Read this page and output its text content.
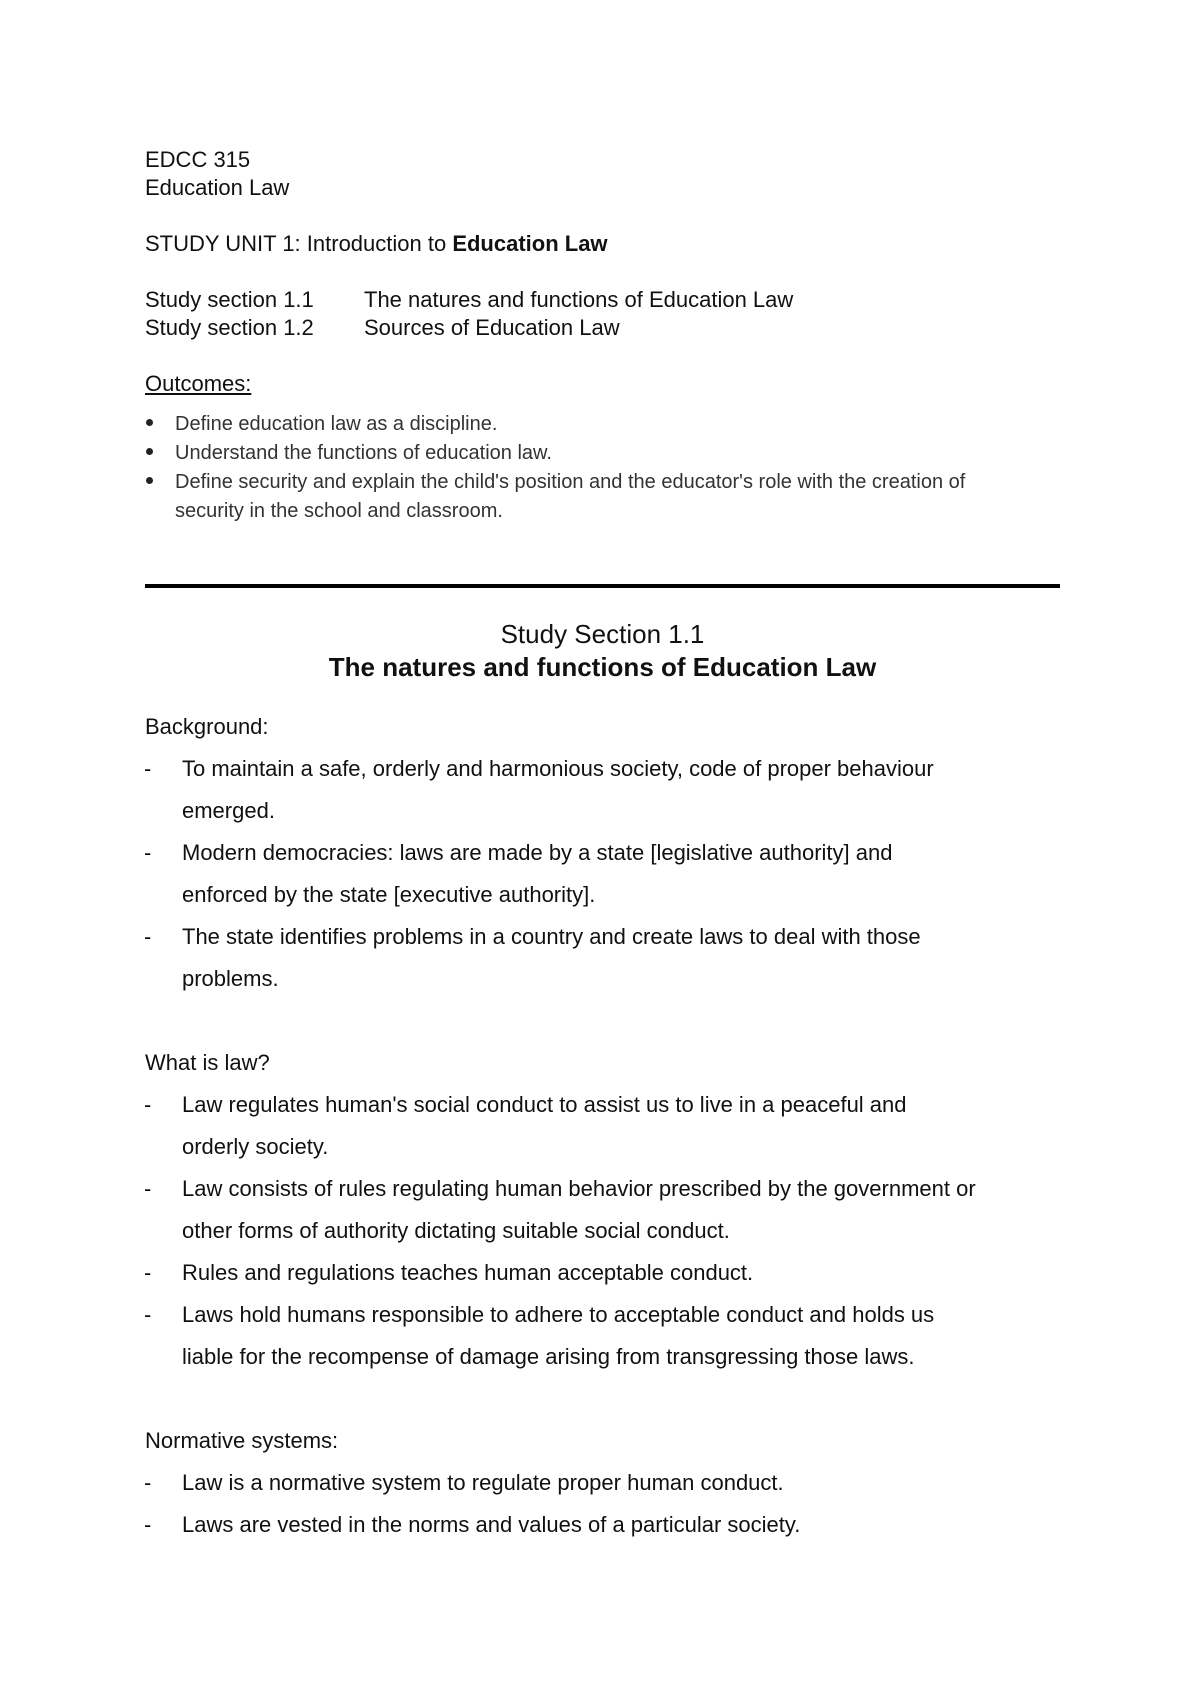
EDCC 315
Education Law
STUDY UNIT 1: Introduction to Education Law
Study section 1.1 The natures and functions of Education Law
Study section 1.2 Sources of Education Law
Outcomes:
Define education law as a discipline.
Understand the functions of education law.
Define security and explain the child's position and the educator's role with the creation of
security in the school and classroom.
Study Section 1.1
The natures and functions of Education Law
Background:
- To maintain a safe, orderly and harmonious society, code of proper behaviour
emerged.
- Modern democracies: laws are made by a state [legislative authority] and
enforced by the state [executive authority].
- The state identifies problems in a country and create laws to deal with those
problems.
What is law?
- Law regulates human's social conduct to assist us to live in a peaceful and
orderly society.
- Law consists of rules regulating human behavior prescribed by the government or
other forms of authority dictating suitable social conduct.
- Rules and regulations teaches human acceptable conduct.
- Laws hold humans responsible to adhere to acceptable conduct and holds us
liable for the recompense of damage arising from transgressing those laws.
Normative systems:
- Law is a normative system to regulate proper human conduct.
- Laws are vested in the norms and values of a particular society.
